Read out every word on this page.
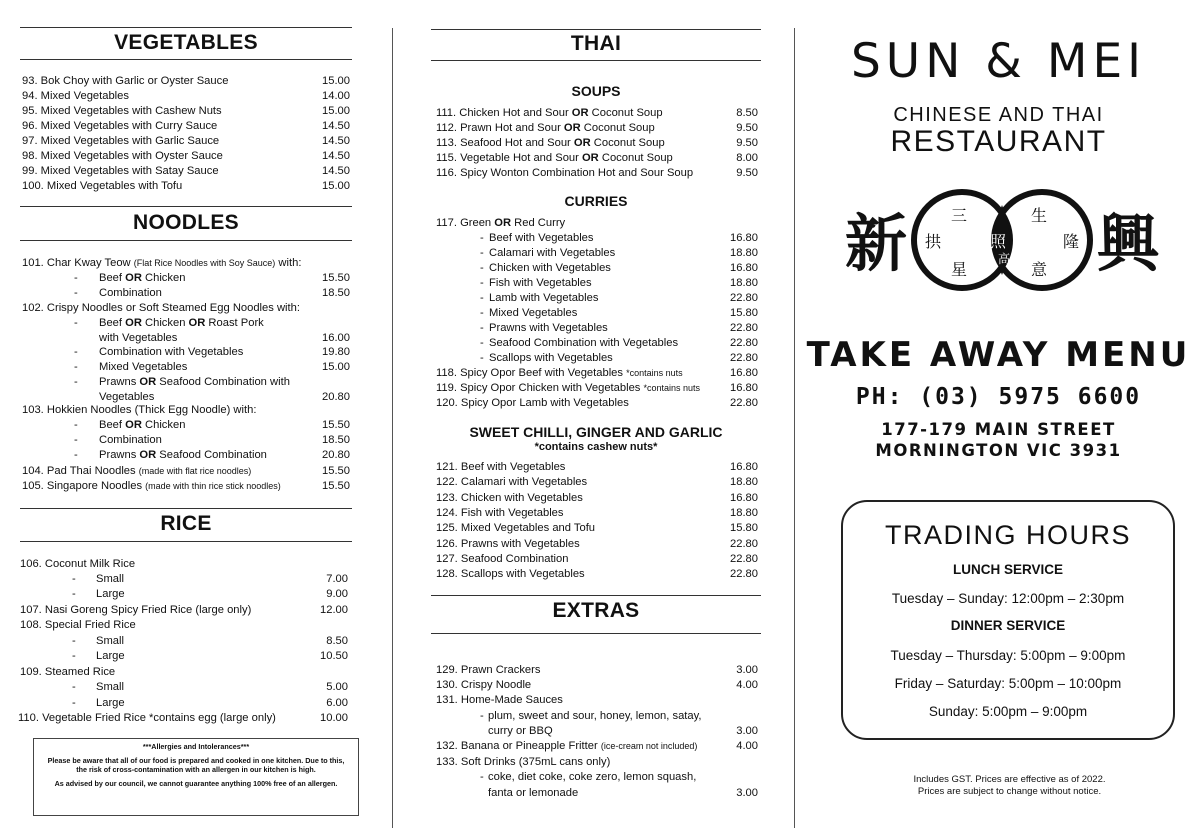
VEGETABLES
93. Bok Choy with Garlic or Oyster Sauce	15.00
94. Mixed Vegetables	14.00
95. Mixed Vegetables with Cashew Nuts	15.00
96. Mixed Vegetables with Curry Sauce	14.50
97. Mixed Vegetables with Garlic Sauce	14.50
98. Mixed Vegetables with Oyster Sauce	14.50
99. Mixed Vegetables with Satay Sauce	14.50
100. Mixed Vegetables with Tofu	15.00
NOODLES
101. Char Kway Teow (Flat Rice Noodles with Soy Sauce) with:
- Beef OR Chicken	15.50
- Combination	18.50
102. Crispy Noodles or Soft Steamed Egg Noodles with:
- Beef OR Chicken OR Roast Pork
with Vegetables	16.00
- Combination with Vegetables	19.80
- Mixed Vegetables	15.00
- Prawns OR Seafood Combination with
Vegetables	20.80
103. Hokkien Noodles (Thick Egg Noodle) with:
- Beef OR Chicken	15.50
- Combination	18.50
- Prawns OR Seafood Combination	20.80
104. Pad Thai Noodles (made with flat rice noodles)	15.50
105. Singapore Noodles (made with thin rice stick noodles)	15.50
RICE
106. Coconut Milk Rice
- Small	7.00
- Large	9.00
107. Nasi Goreng Spicy Fried Rice (large only)	12.00
108. Special Fried Rice
- Small	8.50
- Large	10.50
109. Steamed Rice
- Small	5.00
- Large	6.00
110. Vegetable Fried Rice *contains egg (large only)	10.00

***Allergies and Intolerances***

Please be aware that all of our food is prepared and cooked in one kitchen. Due to this, the risk of cross-contamination with an allergen in our kitchen is high.

As advised by our council, we cannot guarantee anything 100% free of an allergen.

THAI
SOUPS
111. Chicken Hot and Sour OR Coconut Soup	8.50
112. Prawn Hot and Sour OR Coconut Soup	9.50
113. Seafood Hot and Sour OR Coconut Soup	9.50
115. Vegetable Hot and Sour OR Coconut Soup	8.00
116. Spicy Wonton Combination Hot and Sour Soup	9.50
CURRIES
117. Green OR Red Curry
- Beef with Vegetables	16.80
- Calamari with Vegetables	18.80
- Chicken with Vegetables	16.80
- Fish with Vegetables	18.80
- Lamb with Vegetables	22.80
- Mixed Vegetables	15.80
- Prawns with Vegetables	22.80
- Seafood Combination with Vegetables	22.80
- Scallops with Vegetables	22.80
118. Spicy Opor Beef with Vegetables *contains nuts	16.80
119. Spicy Opor Chicken with Vegetables *contains nuts	16.80
120. Spicy Opor Lamb with Vegetables	22.80
SWEET CHILLI, GINGER AND GARLIC
*contains cashew nuts*
121. Beef with Vegetables	16.80
122. Calamari with Vegetables	18.80
123. Chicken with Vegetables	16.80
124. Fish with Vegetables	18.80
125. Mixed Vegetables and Tofu	15.80
126. Prawns with Vegetables	22.80
127. Seafood Combination	22.80
128. Scallops with Vegetables	22.80
EXTRAS
129. Prawn Crackers	3.00
130. Crispy Noodle	4.00
131. Home-Made Sauces
- plum, sweet and sour, honey, lemon, satay,
curry or BBQ	3.00
132. Banana or Pineapple Fritter (ice-cream not included)	4.00
133. Soft Drinks (375mL cans only)
- coke, diet coke, coke zero, lemon squash,
fanta or lemonade	3.00
SUN & MEI
CHINESE AND THAI
RESTAURANT
新	三
拱	照
星
生
隆
高
意 興
TAKE AWAY MENU
PH: (03) 5975 6600
177-179 MAIN STREET
MORNINGTON VIC 3931
TRADING HOURS
LUNCH SERVICE
Tuesday – Sunday: 12:00pm – 2:30pm
DINNER SERVICE
Tuesday – Thursday: 5:00pm – 9:00pm
Friday – Saturday: 5:00pm – 10:00pm
Sunday: 5:00pm – 9:00pm
Includes GST. Prices are effective as of 2022.
Prices are subject to change without notice.
